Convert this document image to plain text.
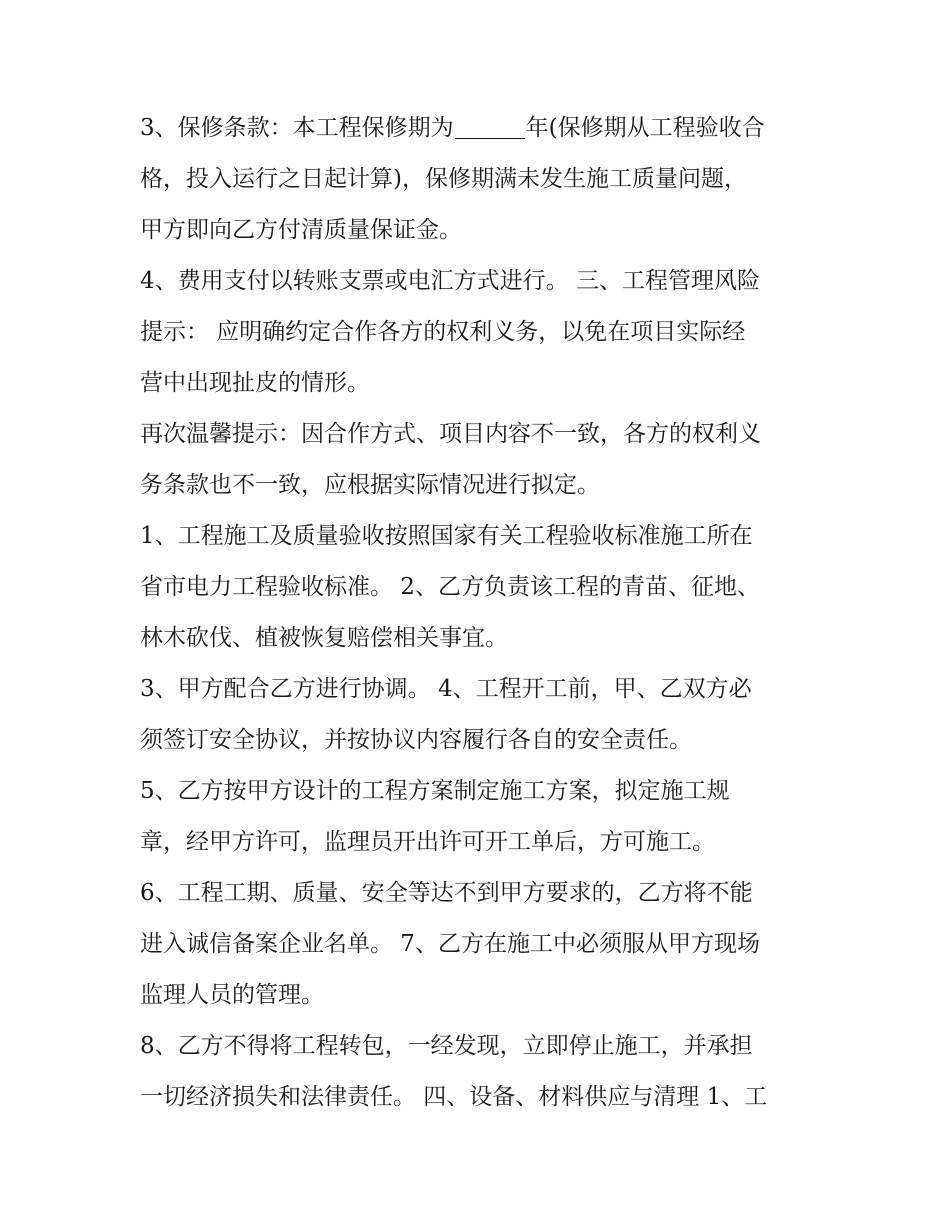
3、保修条款：本工程保修期为	年(保修期从工程验收合
格，投入运行之日起计算)，保修期满未发生施工质量问题，
甲方即向乙方付清质量保证金。

4、费用支付以转账支票或电汇方式进行。 三、工程管理风险
提示： 应明确约定合作各方的权利义务，以免在项目实际经
营中出现扯皮的情形。

再次温馨提示：因合作方式、项目内容不一致，各方的权利义
务条款也不一致，应根据实际情况进行拟定。

1、工程施工及质量验收按照国家有关工程验收标准施工所在
省市电力工程验收标准。 2、乙方负责该工程的青苗、征地、
林木砍伐、植被恢复赔偿相关事宜。

3、甲方配合乙方进行协调。 4、工程开工前，甲、乙双方必
须签订安全协议，并按协议内容履行各自的安全责任。

5、乙方按甲方设计的工程方案制定施工方案，拟定施工规
章，经甲方许可，监理员开出许可开工单后，方可施工。

6、工程工期、质量、安全等达不到甲方要求的，乙方将不能
进入诚信备案企业名单。 7、乙方在施工中必须服从甲方现场
监理人员的管理。

8、乙方不得将工程转包，一经发现，立即停止施工，并承担
一切经济损失和法律责任。 四、设备、材料供应与清理 1、工
